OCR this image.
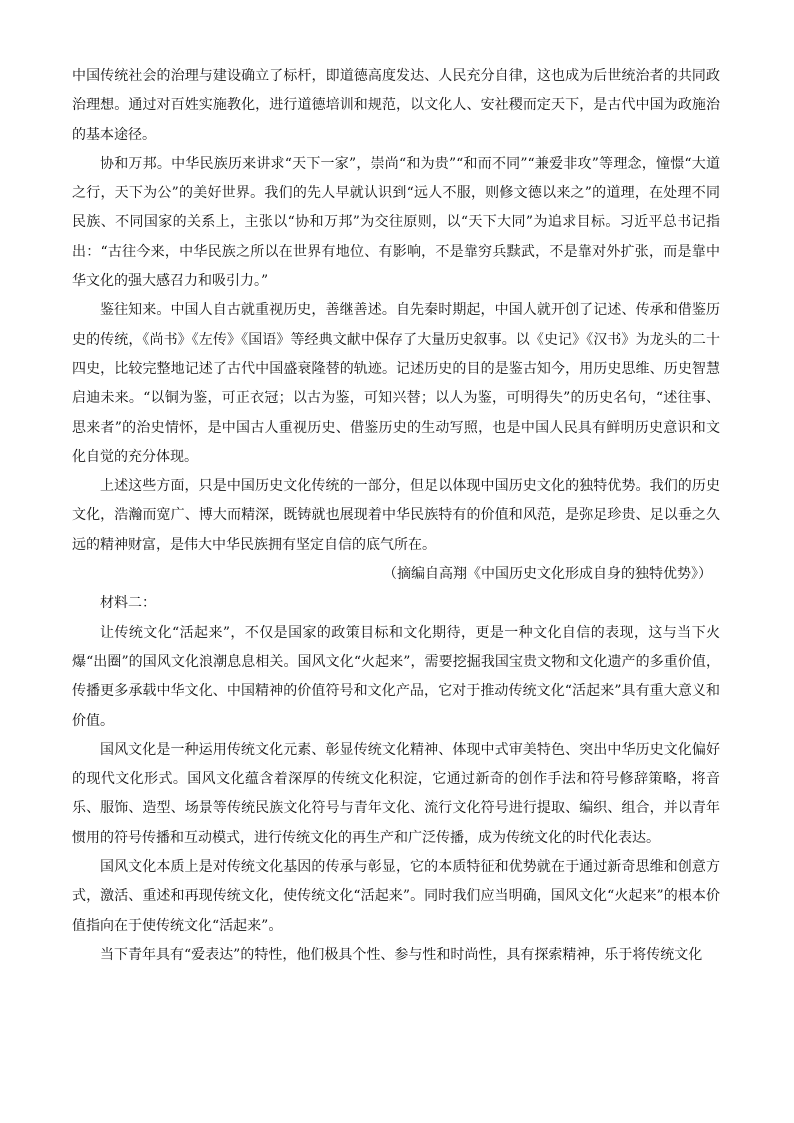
中国传统社会的治理与建设确立了标杆，即道德高度发达、人民充分自律，这也成为后世统治者的共同政治理想。通过对百姓实施教化，进行道德培训和规范，以文化人、安社稷而定天下，是古代中国为政施治的基本途径。

协和万邦。中华民族历来讲求“天下一家”，崇尚“和为贵”“和而不同”“兼爱非攻”等理念，憧憬“大道之行，天下为公”的美好世界。我们的先人早就认识到“远人不服，则修文德以来之”的道理，在处理不同民族、不同国家的关系上，主张以“协和万邦”为交往原则，以“天下大同”为追求目标。习近平总书记指出：“古往今来，中华民族之所以在世界有地位、有影响，不是靠穷兵黩武，不是靠对外扩张，而是靠中华文化的强大感召力和吸引力。”

鉴往知来。中国人自古就重视历史，善继善述。自先秦时期起，中国人就开创了记述、传承和借鉴历史的传统，《尚书》《左传》《国语》等经典文献中保存了大量历史叙事。以《史记》《汉书》为龙头的二十四史，比较完整地记述了古代中国盛衰隆替的轨迹。记述历史的目的是鉴古知今，用历史思维、历史智慧启迪未来。“以铜为鉴，可正衣冠；以古为鉴，可知兴替；以人为鉴，可明得失”的历史名句，“述往事、思来者”的治史情怀，是中国古人重视历史、借鉴历史的生动写照，也是中国人民具有鲜明历史意识和文化自觉的充分体现。

上述这些方面，只是中国历史文化传统的一部分，但足以体现中国历史文化的独特优势。我们的历史文化，浩瀚而宽广、博大而精深，既铸就也展现着中华民族特有的价值和风范，是弥足珍贵、足以垂之久远的精神财富，是伟大中华民族拥有坚定自信的底气所在。

（摘编自高翔《中国历史文化形成自身的独特优势》）

材料二：

让传统文化“活起来”，不仅是国家的政策目标和文化期待，更是一种文化自信的表现，这与当下火爆“出圈”的国风文化浪潮息息相关。国风文化“火起来”，需要挖掘我国宝贵文物和文化遗产的多重价值，传播更多承载中华文化、中国精神的价值符号和文化产品，它对于推动传统文化“活起来”具有重大意义和价值。

国风文化是一种运用传统文化元素、彰显传统文化精神、体现中式审美特色、突出中华历史文化偏好的现代文化形式。国风文化蕴含着深厚的传统文化积淀，它通过新奇的创作手法和符号修辞策略，将音乐、服饰、造型、场景等传统民族文化符号与青年文化、流行文化符号进行提取、编织、组合，并以青年惯用的符号传播和互动模式，进行传统文化的再生产和广泛传播，成为传统文化的时代化表达。

国风文化本质上是对传统文化基因的传承与彰显，它的本质特征和优势就在于通过新奇思维和创意方式，激活、重述和再现传统文化，使传统文化“活起来”。同时我们应当明确，国风文化“火起来”的根本价值指向在于使传统文化“活起来”。

当下青年具有“爱表达”的特性，他们极具个性、参与性和时尚性，具有探索精神，乐于将传统文化
